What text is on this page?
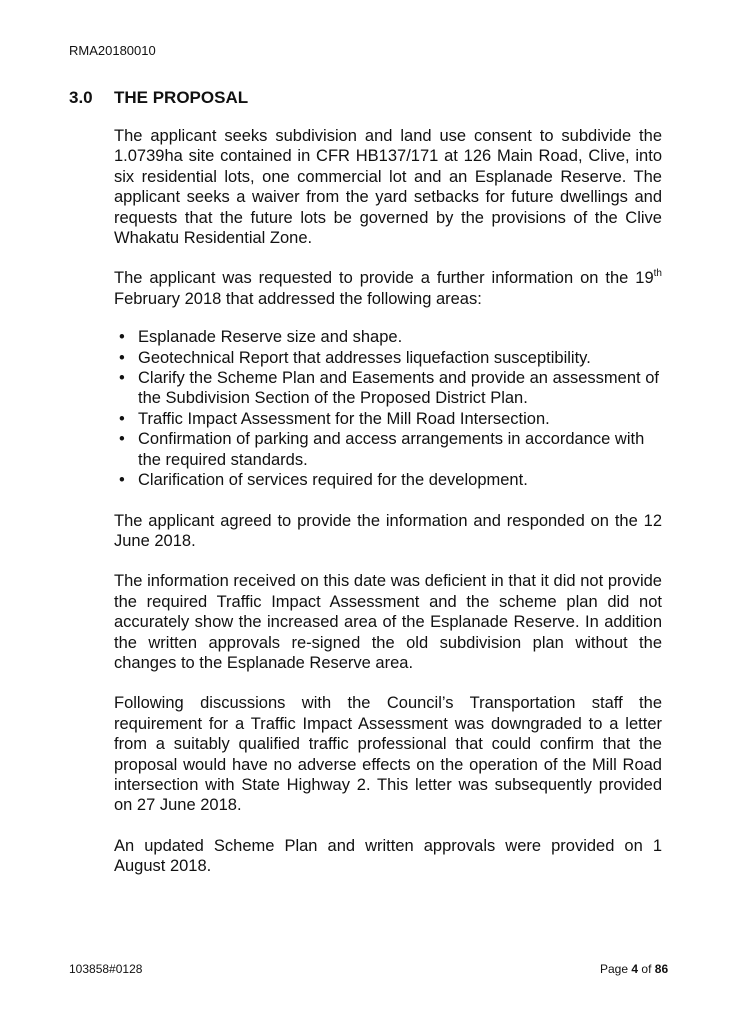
RMA20180010
3.0 THE PROPOSAL

The applicant seeks subdivision and land use consent to subdivide the 1.0739ha site contained in CFR HB137/171 at 126 Main Road, Clive, into six residential lots, one commercial lot and an Esplanade Reserve. The applicant seeks a waiver from the yard setbacks for future dwellings and requests that the future lots be governed by the provisions of the Clive Whakatu Residential Zone.

The applicant was requested to provide a further information on the 19th February 2018 that addressed the following areas:

• Esplanade Reserve size and shape.
• Geotechnical Report that addresses liquefaction susceptibility.
• Clarify the Scheme Plan and Easements and provide an assessment of the Subdivision Section of the Proposed District Plan.
• Traffic Impact Assessment for the Mill Road Intersection.
• Confirmation of parking and access arrangements in accordance with the required standards.
• Clarification of services required for the development.

The applicant agreed to provide the information and responded on the 12 June 2018.

The information received on this date was deficient in that it did not provide the required Traffic Impact Assessment and the scheme plan did not accurately show the increased area of the Esplanade Reserve. In addition the written approvals re-signed the old subdivision plan without the changes to the Esplanade Reserve area.

Following discussions with the Council’s Transportation staff the requirement for a Traffic Impact Assessment was downgraded to a letter from a suitably qualified traffic professional that could confirm that the proposal would have no adverse effects on the operation of the Mill Road intersection with State Highway 2. This letter was subsequently provided on 27 June 2018.

An updated Scheme Plan and written approvals were provided on 1 August 2018.

103858#0128	Page 4 of 86
